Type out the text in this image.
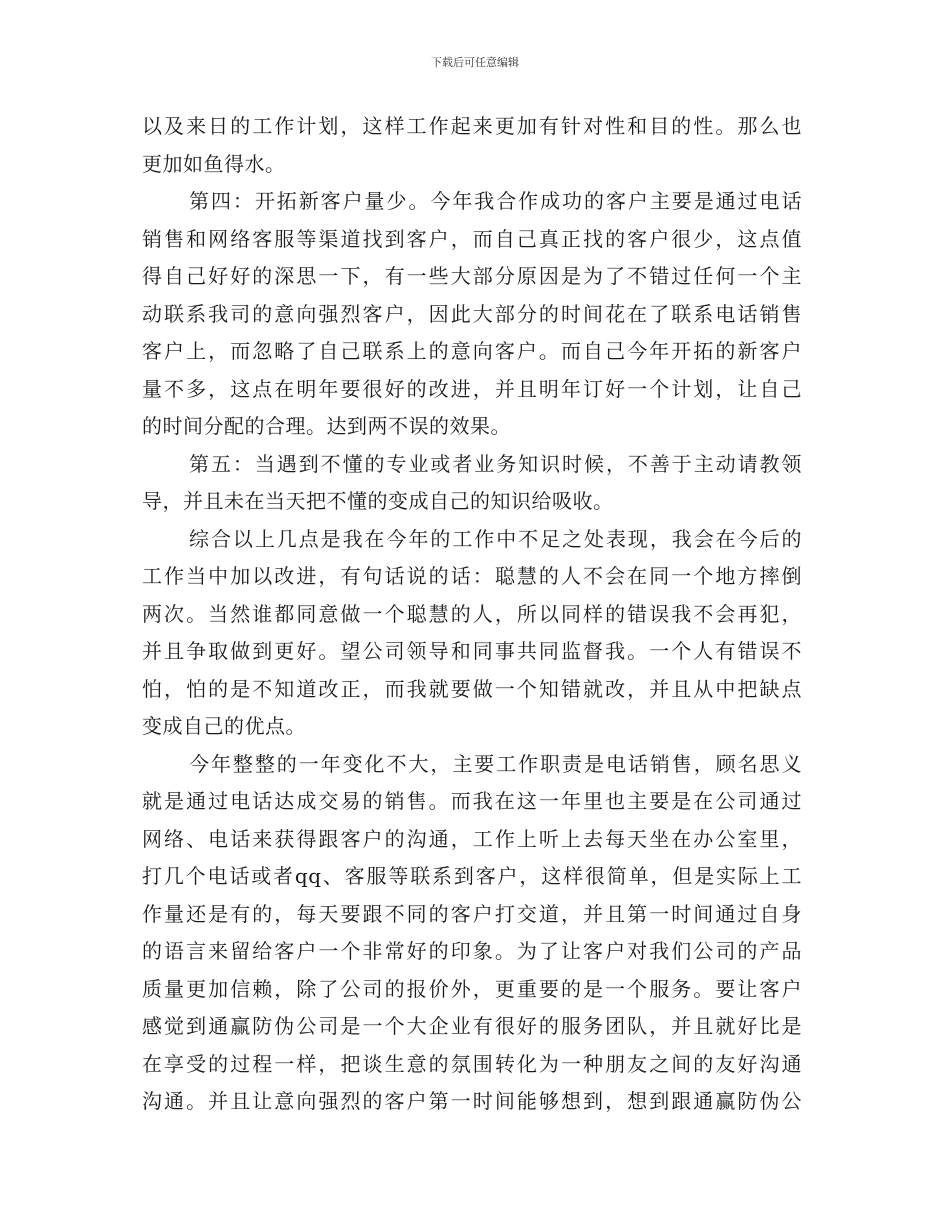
下载后可任意编辑
以及来日的工作计划，这样工作起来更加有针对性和目的性。那么也
更加如鱼得水。
第四：开拓新客户量少。今年我合作成功的客户主要是通过电话
销售和网络客服等渠道找到客户，而自己真正找的客户很少，这点值
得自己好好的深思一下，有一些大部分原因是为了不错过任何一个主
动联系我司的意向强烈客户，因此大部分的时间花在了联系电话销售
客户上，而忽略了自己联系上的意向客户。而自己今年开拓的新客户
量不多，这点在明年要很好的改进，并且明年订好一个计划，让自己
的时间分配的合理。达到两不误的效果。
第五：当遇到不懂的专业或者业务知识时候，不善于主动请教领
导，并且未在当天把不懂的变成自己的知识给吸收。
综合以上几点是我在今年的工作中不足之处表现，我会在今后的
工作当中加以改进，有句话说的话：聪慧的人不会在同一个地方摔倒
两次。当然谁都同意做一个聪慧的人，所以同样的错误我不会再犯，
并且争取做到更好。望公司领导和同事共同监督我。一个人有错误不
怕，怕的是不知道改正，而我就要做一个知错就改，并且从中把缺点
变成自己的优点。
今年整整的一年变化不大，主要工作职责是电话销售，顾名思义
就是通过电话达成交易的销售。而我在这一年里也主要是在公司通过
网络、电话来获得跟客户的沟通，工作上听上去每天坐在办公室里，
打几个电话或者qq、客服等联系到客户，这样很简单，但是实际上工
作量还是有的，每天要跟不同的客户打交道，并且第一时间通过自身
的语言来留给客户一个非常好的印象。为了让客户对我们公司的产品
质量更加信赖，除了公司的报价外，更重要的是一个服务。要让客户
感觉到通赢防伪公司是一个大企业有很好的服务团队，并且就好比是
在享受的过程一样，把谈生意的氛围转化为一种朋友之间的友好沟通
沟通。并且让意向强烈的客户第一时间能够想到，想到跟通赢防伪公
